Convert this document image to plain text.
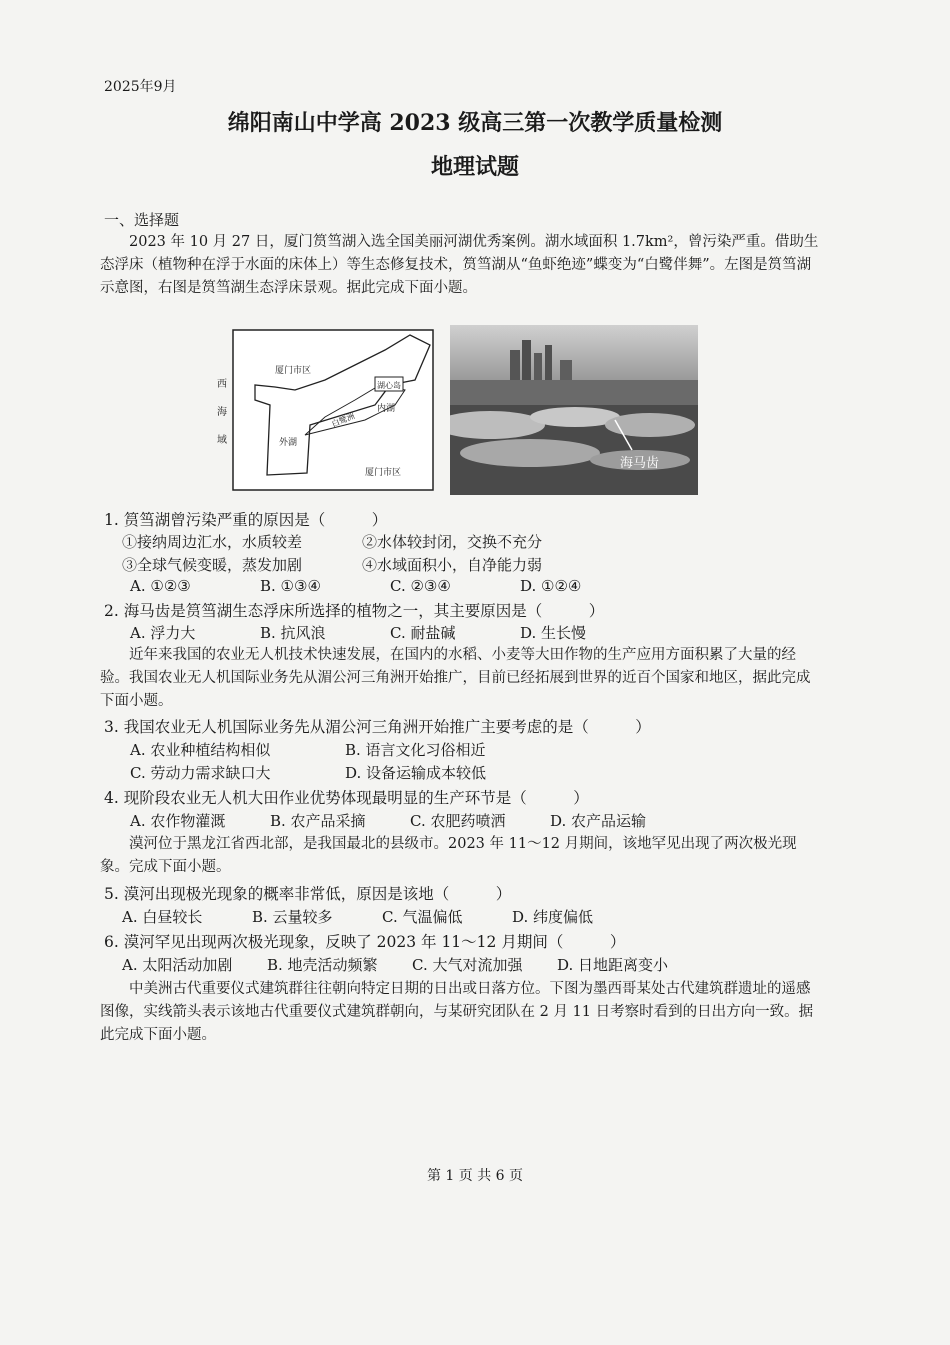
2025年9月
绵阳南山中学高 2023 级高三第一次教学质量检测
地理试题
一、选择题
2023 年 10 月 27 日，厦门筼筜湖入选全国美丽河湖优秀案例。湖水域面积 1.7km²，曾污染严重。借助生态浮床（植物种在浮于水面的床体上）等生态修复技术，筼筜湖从“鱼虾绝迹”蝶变为“白鹭伴舞”。左图是筼筜湖示意图，右图是筼筜湖生态浮床景观。据此完成下面小题。
厦门市区
厦门市区
西
海
域	外湖
白鹭洲
内湖
湖心岛
海马齿
1. 筼筜湖曾污染严重的原因是（　　　）
①接纳周边汇水，水质较差	②水体较封闭，交换不充分
③全球气候变暖，蒸发加剧	④水域面积小，自净能力弱
A. ①②③	B. ①③④	C. ②③④	D. ①②④
2. 海马齿是筼筜湖生态浮床所选择的植物之一，其主要原因是（　　　）
A. 浮力大	B. 抗风浪	C. 耐盐碱	D. 生长慢
近年来我国的农业无人机技术快速发展，在国内的水稻、小麦等大田作物的生产应用方面积累了大量的经验。我国农业无人机国际业务先从湄公河三角洲开始推广，目前已经拓展到世界的近百个国家和地区，据此完成下面小题。
3. 我国农业无人机国际业务先从湄公河三角洲开始推广主要考虑的是（　　　）
A. 农业种植结构相似	B. 语言文化习俗相近
C. 劳动力需求缺口大	D. 设备运输成本较低
4. 现阶段农业无人机大田作业优势体现最明显的生产环节是（　　　）
A. 农作物灌溉	B. 农产品采摘	C. 农肥药喷洒	D. 农产品运输
漠河位于黑龙江省西北部，是我国最北的县级市。2023 年 11～12 月期间，该地罕见出现了两次极光现象。完成下面小题。
5. 漠河出现极光现象的概率非常低，原因是该地（　　　）
A. 白昼较长	B. 云量较多	C. 气温偏低	D. 纬度偏低
6. 漠河罕见出现两次极光现象，反映了 2023 年 11～12 月期间（　　　）
A. 太阳活动加剧	B. 地壳活动频繁	C. 大气对流加强	D. 日地距离变小
中美洲古代重要仪式建筑群往往朝向特定日期的日出或日落方位。下图为墨西哥某处古代建筑群遗址的遥感图像，实线箭头表示该地古代重要仪式建筑群朝向，与某研究团队在 2 月 11 日考察时看到的日出方向一致。据此完成下面小题。
第 1 页 共 6 页
